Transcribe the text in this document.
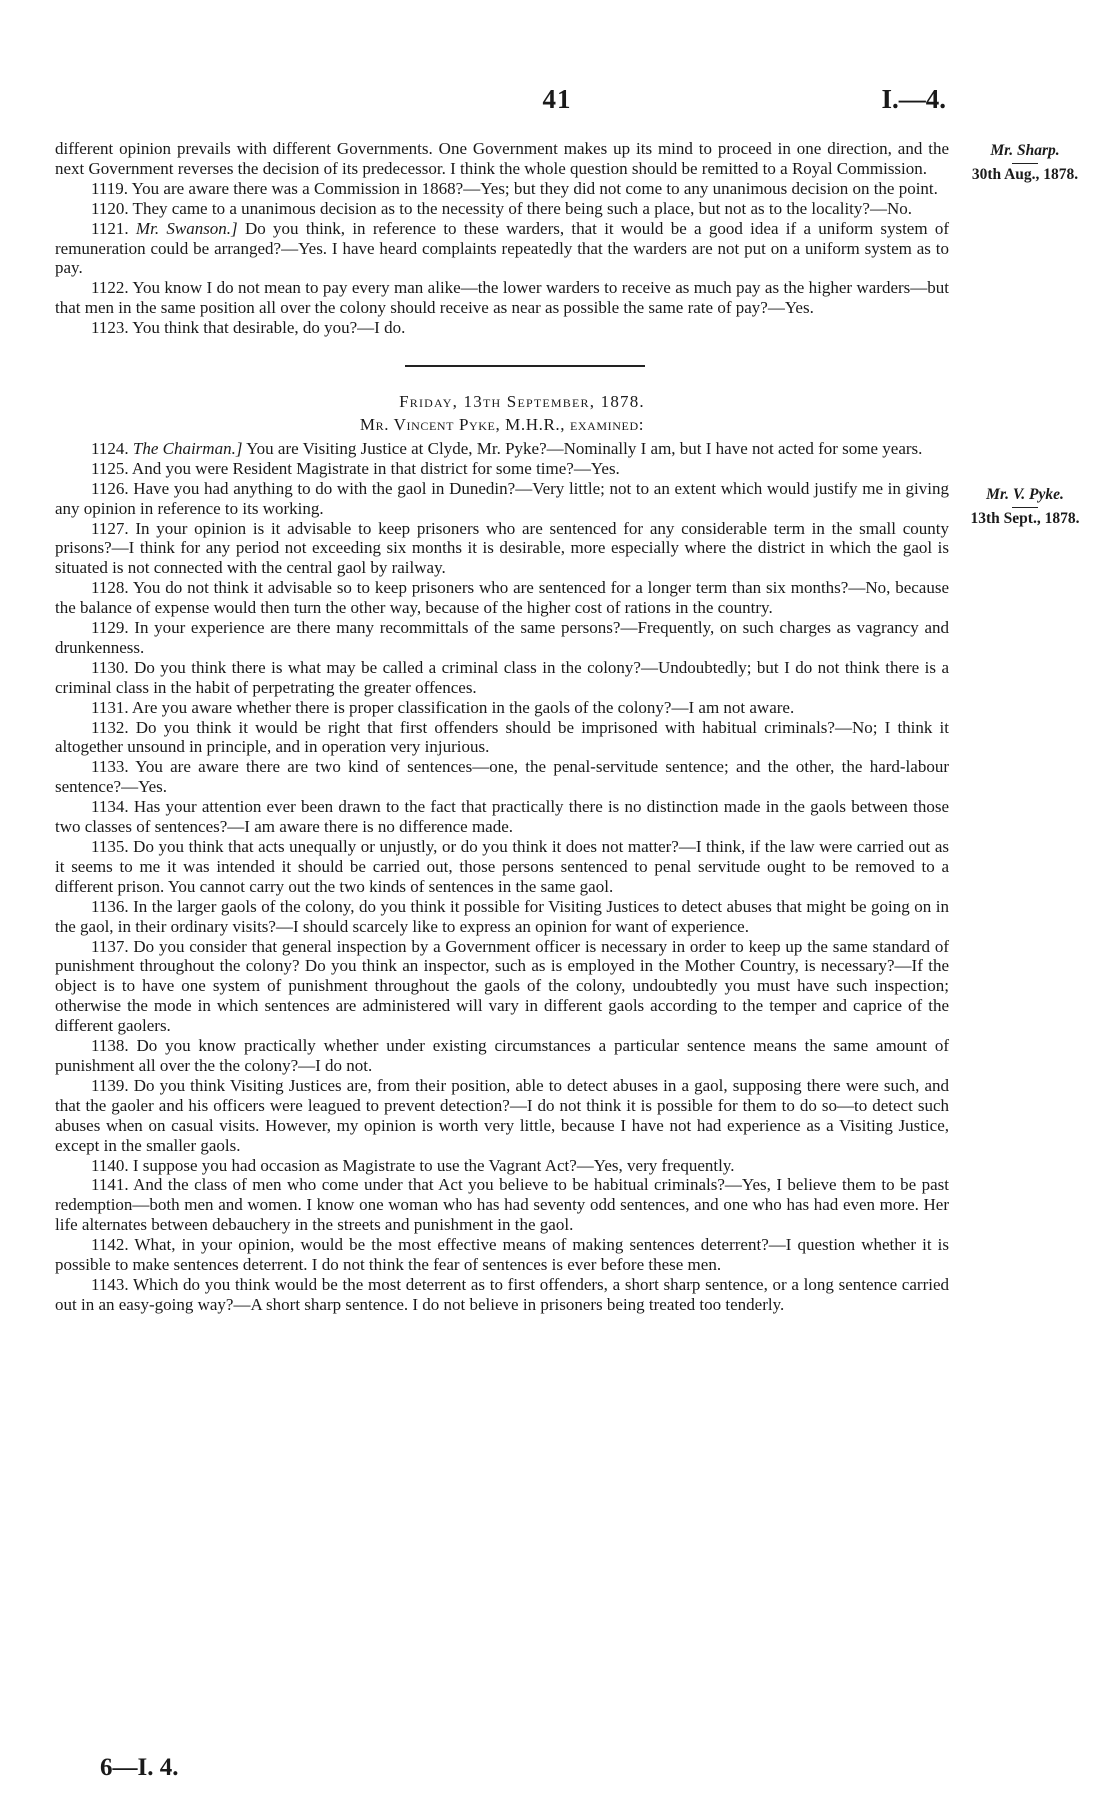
41	I.—4.
Mr. Sharp.
30th Aug., 1878.
Mr. V. Pyke.
13th Sept., 1878.

different opinion prevails with different Governments. One Government makes up its mind to proceed in one direction, and the next Government reverses the decision of its predecessor. I think the whole question should be remitted to a Royal Commission.

1119. You are aware there was a Commission in 1868?—Yes; but they did not come to any unanimous decision on the point.

1120. They came to a unanimous decision as to the necessity of there being such a place, but not as to the locality?—No.

1121. Mr. Swanson.] Do you think, in reference to these warders, that it would be a good idea if a uniform system of remuneration could be arranged?—Yes. I have heard complaints repeatedly that the warders are not put on a uniform system as to pay.

1122. You know I do not mean to pay every man alike—the lower warders to receive as much pay as the higher warders—but that men in the same position all over the colony should receive as near as possible the same rate of pay?—Yes.

1123. You think that desirable, do you?—I do.

Friday, 13th September, 1878.
Mr. Vincent Pyke, M.H.R., examined:

1124. The Chairman.] You are Visiting Justice at Clyde, Mr. Pyke?—Nominally I am, but I have not acted for some years.

1125. And you were Resident Magistrate in that district for some time?—Yes.

1126. Have you had anything to do with the gaol in Dunedin?—Very little; not to an extent which would justify me in giving any opinion in reference to its working.

1127. In your opinion is it advisable to keep prisoners who are sentenced for any considerable term in the small county prisons?—I think for any period not exceeding six months it is desirable, more especially where the district in which the gaol is situated is not connected with the central gaol by railway.

1128. You do not think it advisable so to keep prisoners who are sentenced for a longer term than six months?—No, because the balance of expense would then turn the other way, because of the higher cost of rations in the country.

1129. In your experience are there many recommittals of the same persons?—Frequently, on such charges as vagrancy and drunkenness.

1130. Do you think there is what may be called a criminal class in the colony?—Undoubtedly; but I do not think there is a criminal class in the habit of perpetrating the greater offences.

1131. Are you aware whether there is proper classification in the gaols of the colony?—I am not aware.

1132. Do you think it would be right that first offenders should be imprisoned with habitual criminals?—No; I think it altogether unsound in principle, and in operation very injurious.

1133. You are aware there are two kind of sentences—one, the penal-servitude sentence; and the other, the hard-labour sentence?—Yes.

1134. Has your attention ever been drawn to the fact that practically there is no distinction made in the gaols between those two classes of sentences?—I am aware there is no difference made.

1135. Do you think that acts unequally or unjustly, or do you think it does not matter?—I think, if the law were carried out as it seems to me it was intended it should be carried out, those persons sentenced to penal servitude ought to be removed to a different prison. You cannot carry out the two kinds of sentences in the same gaol.

1136. In the larger gaols of the colony, do you think it possible for Visiting Justices to detect abuses that might be going on in the gaol, in their ordinary visits?—I should scarcely like to express an opinion for want of experience.

1137. Do you consider that general inspection by a Government officer is necessary in order to keep up the same standard of punishment throughout the colony? Do you think an inspector, such as is employed in the Mother Country, is necessary?—If the object is to have one system of punishment throughout the gaols of the colony, undoubtedly you must have such inspection; otherwise the mode in which sentences are administered will vary in different gaols according to the temper and caprice of the different gaolers.

1138. Do you know practically whether under existing circumstances a particular sentence means the same amount of punishment all over the the colony?—I do not.

1139. Do you think Visiting Justices are, from their position, able to detect abuses in a gaol, supposing there were such, and that the gaoler and his officers were leagued to prevent detection?—I do not think it is possible for them to do so—to detect such abuses when on casual visits. However, my opinion is worth very little, because I have not had experience as a Visiting Justice, except in the smaller gaols.

1140. I suppose you had occasion as Magistrate to use the Vagrant Act?—Yes, very frequently.

1141. And the class of men who come under that Act you believe to be habitual criminals?—Yes, I believe them to be past redemption—both men and women. I know one woman who has had seventy odd sentences, and one who has had even more. Her life alternates between debauchery in the streets and punishment in the gaol.

1142. What, in your opinion, would be the most effective means of making sentences deterrent?—I question whether it is possible to make sentences deterrent. I do not think the fear of sentences is ever before these men.

1143. Which do you think would be the most deterrent as to first offenders, a short sharp sentence, or a long sentence carried out in an easy-going way?—A short sharp sentence. I do not believe in prisoners being treated too tenderly.

6—I. 4.
